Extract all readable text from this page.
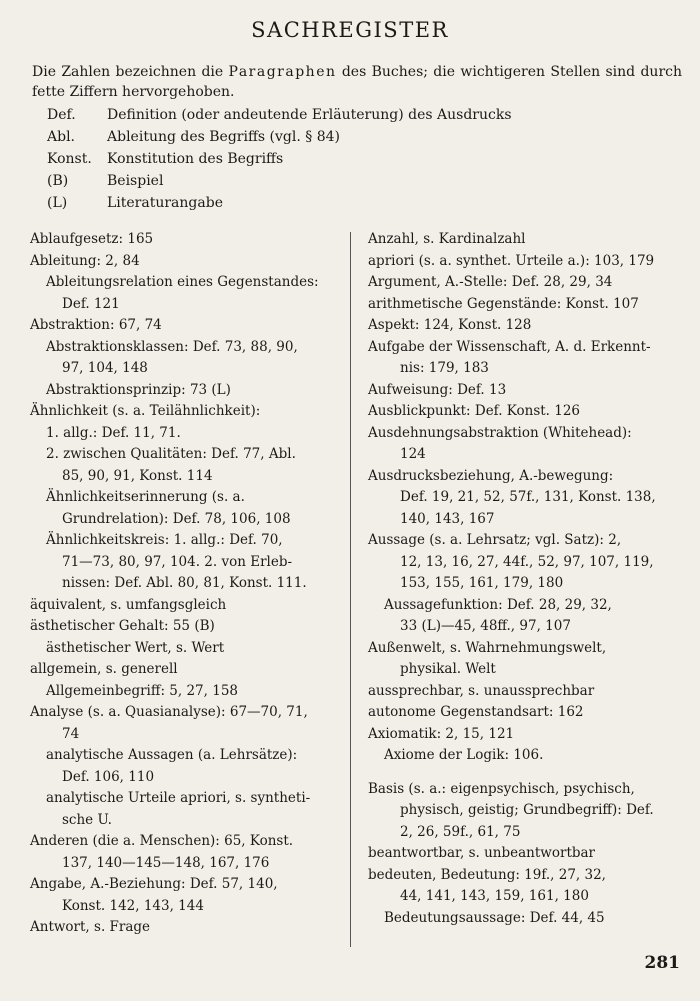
SACHREGISTER
Die Zahlen bezeichnen die Paragraphen des Buches; die wichtigeren Stellen sind durch fette Ziffern hervorgehoben.
Def.	Definition (oder andeutende Erläuterung) des Ausdrucks
Abl.	Ableitung des Begriffs (vgl. § 84)
Konst.	Konstitution des Begriffs
(B)	Beispiel
(L)	Literaturangabe
Ablaufgesetz: 165
Ableitung: 2, 84
Ableitungsrelation eines Gegenstandes:
Def. 121
Abstraktion: 67, 74
Abstraktionsklassen: Def. 73, 88, 90,
97, 104, 148
Abstraktionsprinzip: 73 (L)
Ähnlichkeit (s. a. Teilähnlichkeit):
1. allg.: Def. 11, 71.
2. zwischen Qualitäten: Def. 77, Abl.
85, 90, 91, Konst. 114
Ähnlichkeitserinnerung (s. a.
Grundrelation): Def. 78, 106, 108
Ähnlichkeitskreis: 1. allg.: Def. 70,
71—73, 80, 97, 104. 2. von Erleb-
nissen: Def. Abl. 80, 81, Konst. 111.
äquivalent, s. umfangsgleich
ästhetischer Gehalt: 55 (B)
ästhetischer Wert, s. Wert
allgemein, s. generell
Allgemeinbegriff: 5, 27, 158
Analyse (s. a. Quasianalyse): 67—70, 71,
74
analytische Aussagen (a. Lehrsätze):
Def. 106, 110
analytische Urteile apriori, s. syntheti-
sche U.
Anderen (die a. Menschen): 65, Konst.
137, 140—145—148, 167, 176
Angabe, A.-Beziehung: Def. 57, 140,
Konst. 142, 143, 144
Antwort, s. Frage
Anzahl, s. Kardinalzahl
apriori (s. a. synthet. Urteile a.): 103, 179
Argument, A.-Stelle: Def. 28, 29, 34
arithmetische Gegenstände: Konst. 107
Aspekt: 124, Konst. 128
Aufgabe der Wissenschaft, A. d. Erkennt-
nis: 179, 183
Aufweisung: Def. 13
Ausblickpunkt: Def. Konst. 126
Ausdehnungsabstraktion (Whitehead):
124
Ausdrucksbeziehung, A.-bewegung:
Def. 19, 21, 52, 57f., 131, Konst. 138,
140, 143, 167
Aussage (s. a. Lehrsatz; vgl. Satz): 2,
12, 13, 16, 27, 44f., 52, 97, 107, 119,
153, 155, 161, 179, 180
Aussagefunktion: Def. 28, 29, 32,
33 (L)—45, 48ff., 97, 107
Außenwelt, s. Wahrnehmungswelt,
physikal. Welt
aussprechbar, s. unaussprechbar
autonome Gegenstandsart: 162
Axiomatik: 2, 15, 121
Axiome der Logik: 106.
Basis (s. a.: eigenpsychisch, psychisch,
physisch, geistig; Grundbegriff): Def.
2, 26, 59f., 61, 75
beantwortbar, s. unbeantwortbar
bedeuten, Bedeutung: 19f., 27, 32,
44, 141, 143, 159, 161, 180
Bedeutungsaussage: Def. 44, 45
281
